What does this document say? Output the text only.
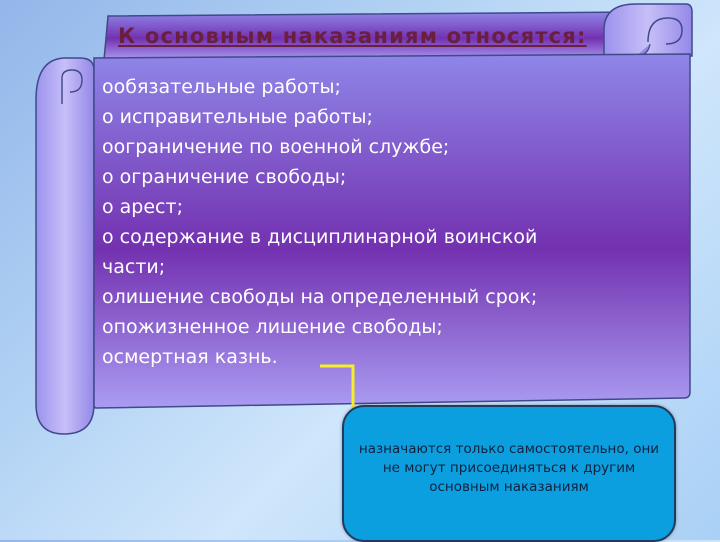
К основным наказаниям относятся:
oобязательные работы;
o исправительные работы;
oограничение по военной службе;
o ограничение свободы;
o арест;
o содержание в дисциплинарной воинской
части;
oлишение свободы на определенный срок;
oпожизненное лишение свободы;
oсмертная казнь.
назначаются только самостоятельно, они не могут присоединяться к другим основным наказаниям
